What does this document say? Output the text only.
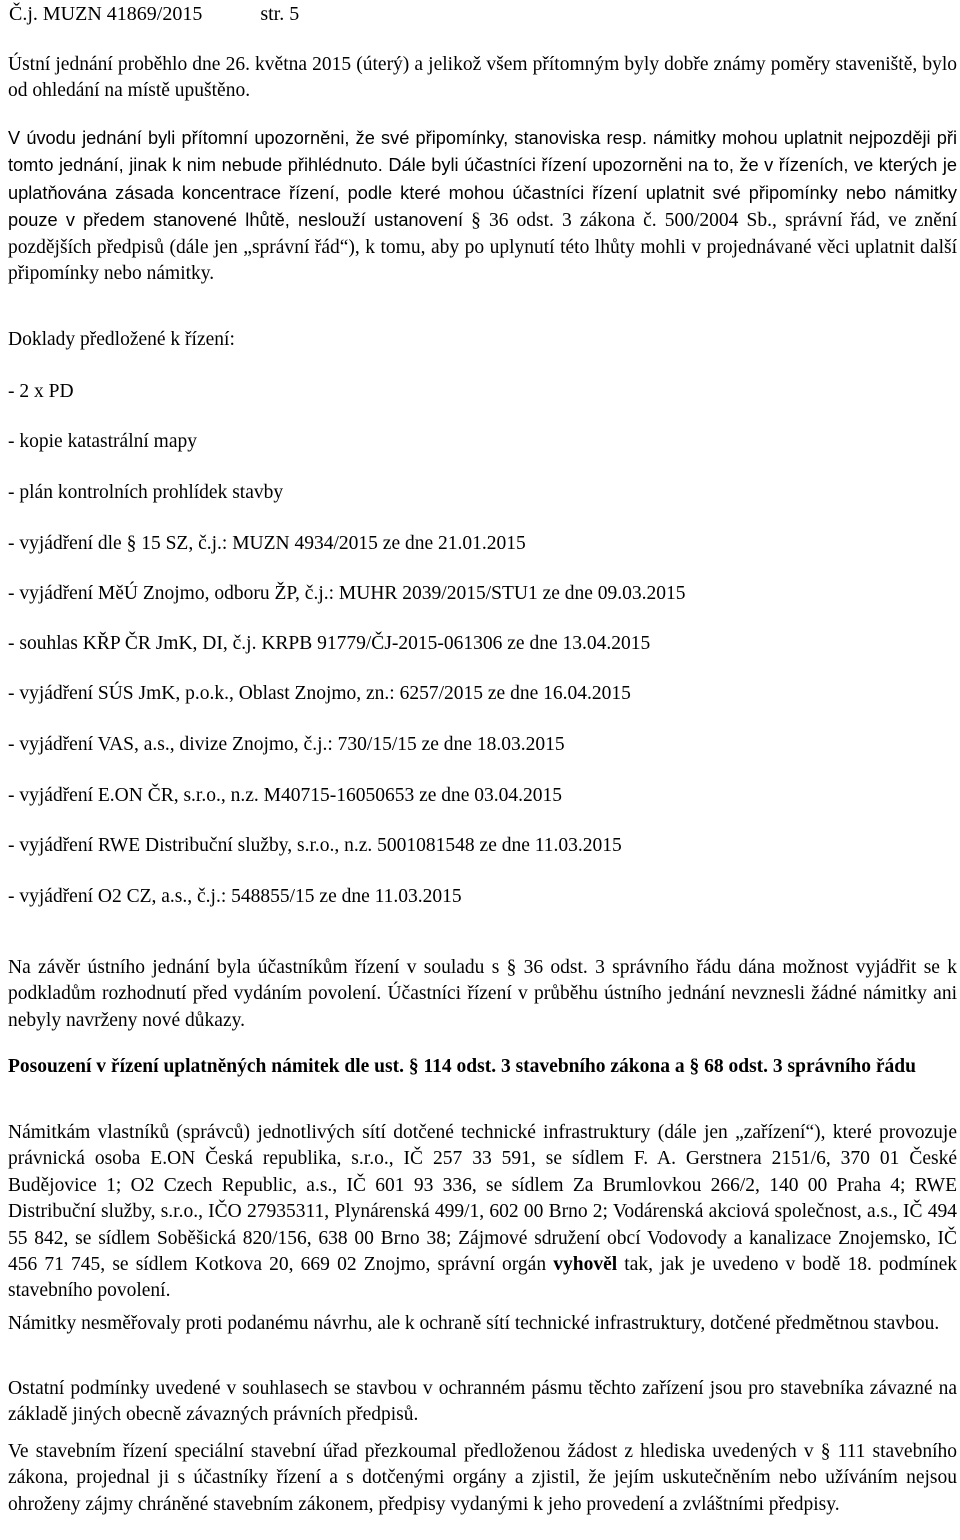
Č.j. MUZN 41869/2015	str. 5
Ústní jednání proběhlo dne 26. května 2015 (úterý) a jelikož všem přítomným byly dobře známy poměry staveniště, bylo od ohledání na místě upuštěno.
V úvodu jednání byli přítomní upozorněni, že své připomínky, stanoviska resp. námitky mohou uplatnit nejpozději při tomto jednání, jinak k nim nebude přihlédnuto. Dále byli účastníci řízení upozorněni na to, že v řízeních, ve kterých je uplatňována zásada koncentrace řízení, podle které mohou účastníci řízení uplatnit své připomínky nebo námitky pouze v předem stanovené lhůtě, neslouží ustanovení § 36 odst. 3 zákona č. 500/2004 Sb., správní řád, ve znění pozdějších předpisů (dále jen „správní řád“), k tomu, aby po uplynutí této lhůty mohli v projednávané věci uplatnit další připomínky nebo námitky.
Doklady předložené k řízení:
- 2 x PD
- kopie katastrální mapy
- plán kontrolních prohlídek stavby
- vyjádření dle § 15 SZ, č.j.: MUZN 4934/2015 ze dne 21.01.2015
- vyjádření MěÚ Znojmo, odboru ŽP, č.j.: MUHR 2039/2015/STU1 ze dne 09.03.2015
- souhlas KŘP ČR JmK, DI, č.j. KRPB 91779/ČJ-2015-061306 ze dne 13.04.2015
- vyjádření SÚS JmK, p.o.k., Oblast Znojmo, zn.: 6257/2015 ze dne 16.04.2015
- vyjádření VAS, a.s., divize Znojmo, č.j.: 730/15/15 ze dne 18.03.2015
- vyjádření E.ON ČR, s.r.o., n.z. M40715-16050653 ze dne 03.04.2015
- vyjádření RWE Distribuční služby, s.r.o., n.z. 5001081548 ze dne 11.03.2015
- vyjádření O2 CZ, a.s., č.j.: 548855/15 ze dne 11.03.2015
Na závěr ústního jednání byla účastníkům řízení v souladu s § 36 odst. 3 správního řádu dána možnost vyjádřit se k podkladům rozhodnutí před vydáním povolení. Účastníci řízení v průběhu ústního jednání nevznesli žádné námitky ani nebyly navrženy nové důkazy.
Posouzení v řízení uplatněných námitek dle ust. § 114 odst. 3 stavebního zákona a § 68 odst. 3 správního řádu
Námitkám vlastníků (správců) jednotlivých sítí dotčené technické infrastruktury (dále jen „zařízení“), které provozuje právnická osoba E.ON Česká republika, s.r.o., IČ 257 33 591, se sídlem F. A. Gerstnera 2151/6, 370 01 České Budějovice 1; O2 Czech Republic, a.s., IČ 601 93 336, se sídlem Za Brumlovkou 266/2, 140 00 Praha 4; RWE Distribuční služby, s.r.o., IČO 27935311, Plynárenská 499/1, 602 00 Brno 2; Vodárenská akciová společnost, a.s., IČ 494 55 842, se sídlem Soběšická 820/156, 638 00 Brno 38; Zájmové sdružení obcí Vodovody a kanalizace Znojemsko, IČ 456 71 745, se sídlem Kotkova 20, 669 02 Znojmo, správní orgán vyhověl tak, jak je uvedeno v bodě 18. podmínek stavebního povolení.
Námitky nesměřovaly proti podanému návrhu, ale k ochraně sítí technické infrastruktury, dotčené předmětnou stavbou.
Ostatní podmínky uvedené v souhlasech se stavbou v ochranném pásmu těchto zařízení jsou pro stavebníka závazné na základě jiných obecně závazných právních předpisů.
Ve stavebním řízení speciální stavební úřad přezkoumal předloženou žádost z hlediska uvedených v § 111 stavebního zákona, projednal ji s účastníky řízení a s dotčenými orgány a zjistil, že jejím uskutečněním nebo užíváním nejsou ohroženy zájmy chráněné stavebním zákonem, předpisy vydanými k jeho provedení a zvláštními předpisy.
